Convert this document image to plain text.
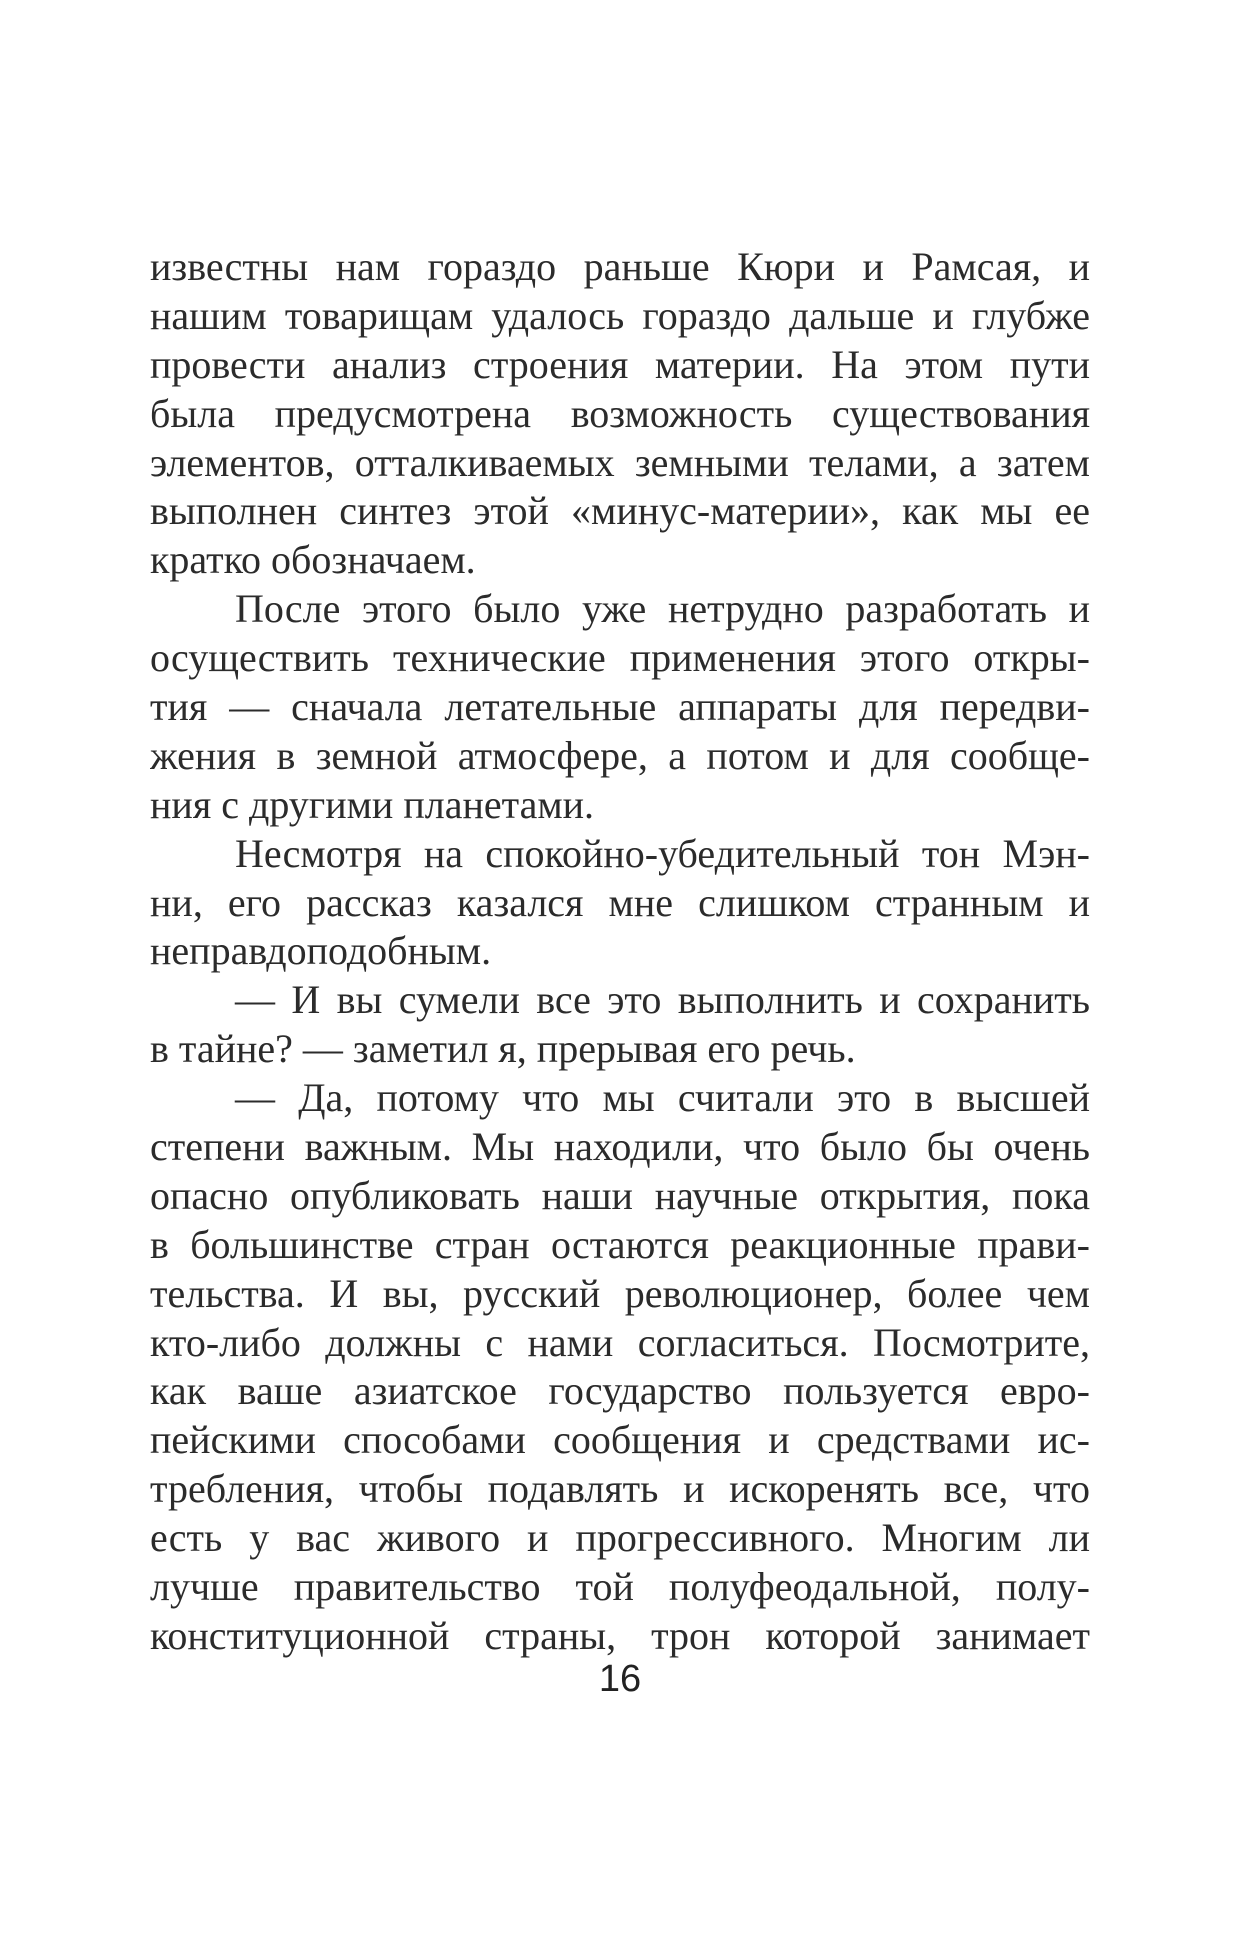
известны нам гораздо раньше Кюри и Рамсая, и
нашим товарищам удалось гораздо дальше и глубже
провести анализ строения материи. На этом пути
была предусмотрена возможность существования
элементов, отталкиваемых земными телами, а затем
выполнен синтез этой «минус-материи», как мы ее
кратко обозначаем.
После этого было уже нетрудно разработать и
осуществить технические применения этого откры-
тия — сначала летательные аппараты для передви-
жения в земной атмосфере, а потом и для сообще-
ния с другими планетами.
Несмотря на спокойно-убедительный тон Мэн-
ни, его рассказ казался мне слишком странным и
неправдоподобным.
— И вы сумели все это выполнить и сохранить
в тайне? — заметил я, прерывая его речь.
— Да, потому что мы считали это в высшей
степени важным. Мы находили, что было бы очень
опасно опубликовать наши научные открытия, пока
в большинстве стран остаются реакционные прави-
тельства. И вы, русский революционер, более чем
кто-либо должны с нами согласиться. Посмотрите,
как ваше азиатское государство пользуется евро-
пейскими способами сообщения и средствами ис-
требления, чтобы подавлять и искоренять все, что
есть у вас живого и прогрессивного. Многим ли
лучше правительство той полуфеодальной, полу-
конституционной страны, трон которой занимает
16
